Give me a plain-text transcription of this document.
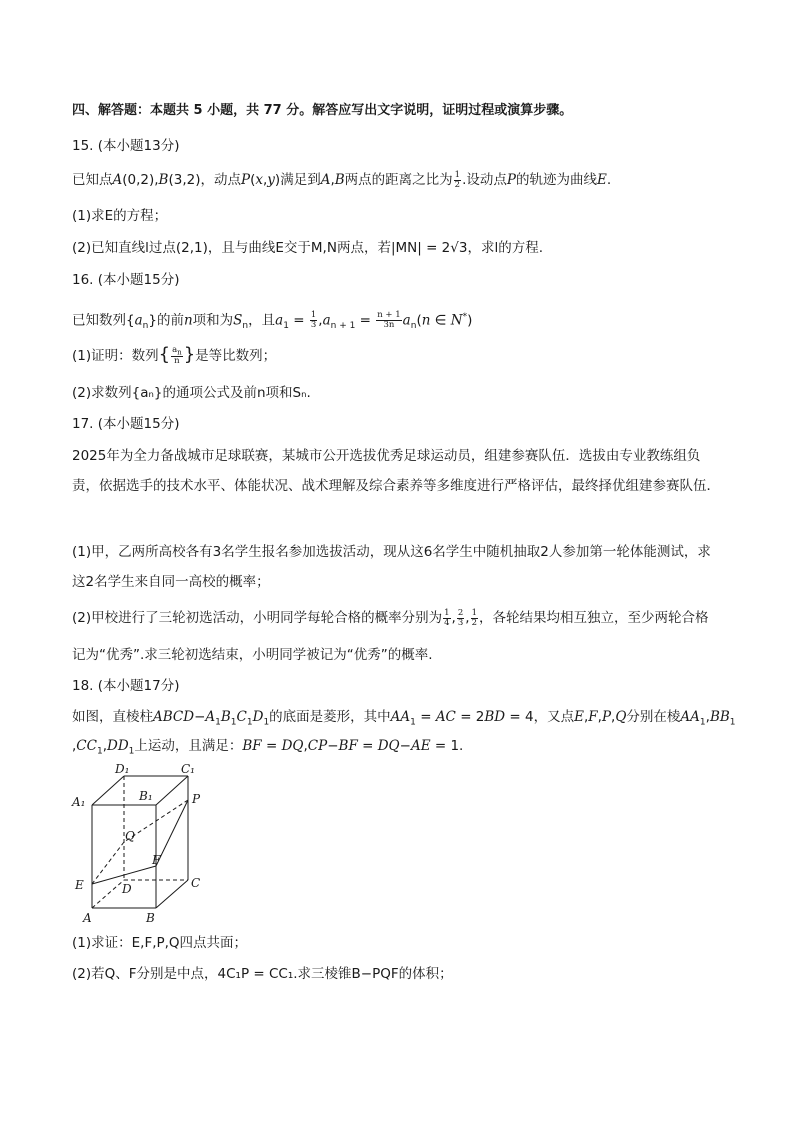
四、解答题：本题共 5 小题，共 77 分。解答应写出文字说明，证明过程或演算步骤。
15. (本小题13分)
已知点A(0,2),B(3,2)，动点P(x,y)满足到A,B两点的距离之比为 $\frac{1}{2}$ .设动点P的轨迹为曲线E.
(1)求E的方程；
(2)已知直线l过点(2,1)，且与曲线E交于M,N两点，若|MN| = 2√3，求l的方程.
16. (本小题15分)
已知数列$\{a_n\}$的前n项和为$S_n$，且$a_1 = \frac{1}{3} ,a_{n + 1} = \frac{n + 1}{3n} a_n(n$ ∈ N*)
(1)证明：数列{ $\frac{a_n}{n}$ }是等比数列；
(2)求数列{aₙ}的通项公式及前n项和Sₙ.
17. (本小题15分)
2025年为全力备战城市足球联赛，某城市公开选拔优秀足球运动员，组建参赛队伍．选拔由专业教练组负责，依据选手的技术水平、体能状况、战术理解及综合素养等多维度进行严格评估，最终择优组建参赛队伍．
(1)甲，乙两所高校各有3名学生报名参加选拔活动，现从这6名学生中随机抽取2人参加第一轮体能测试，求这2名学生来自同一高校的概率；
(2)甲校进行了三轮初选活动，小明同学每轮合格的概率分别为 $\frac{1}{4}$ , $\frac{2}{3}$ , $\frac{1}{2}$ ，各轮结果均相互独立，至少两轮合格
记为“优秀”.求三轮初选结束，小明同学被记为“优秀”的概率.
18. (本小题17分)
如图，直棱柱$ABCD-A_1B_1C_1D_1$的底面是菱形，其中$AA_1$ = AC = 2BD = 4，又点E,F,P,Q分别在棱$AA_1,BB_1$
$,CC_1,DD_1$上运动，且满足：BF = DQ,CP−BF = DQ−AE = 1.
D₁	C₁
A₁	B₁	P
Q
F
E	D	C
A	B
(1)求证：E,F,P,Q四点共面；
(2)若Q、F分别是中点，4C₁P = CC₁.求三棱锥B−PQF的体积；
